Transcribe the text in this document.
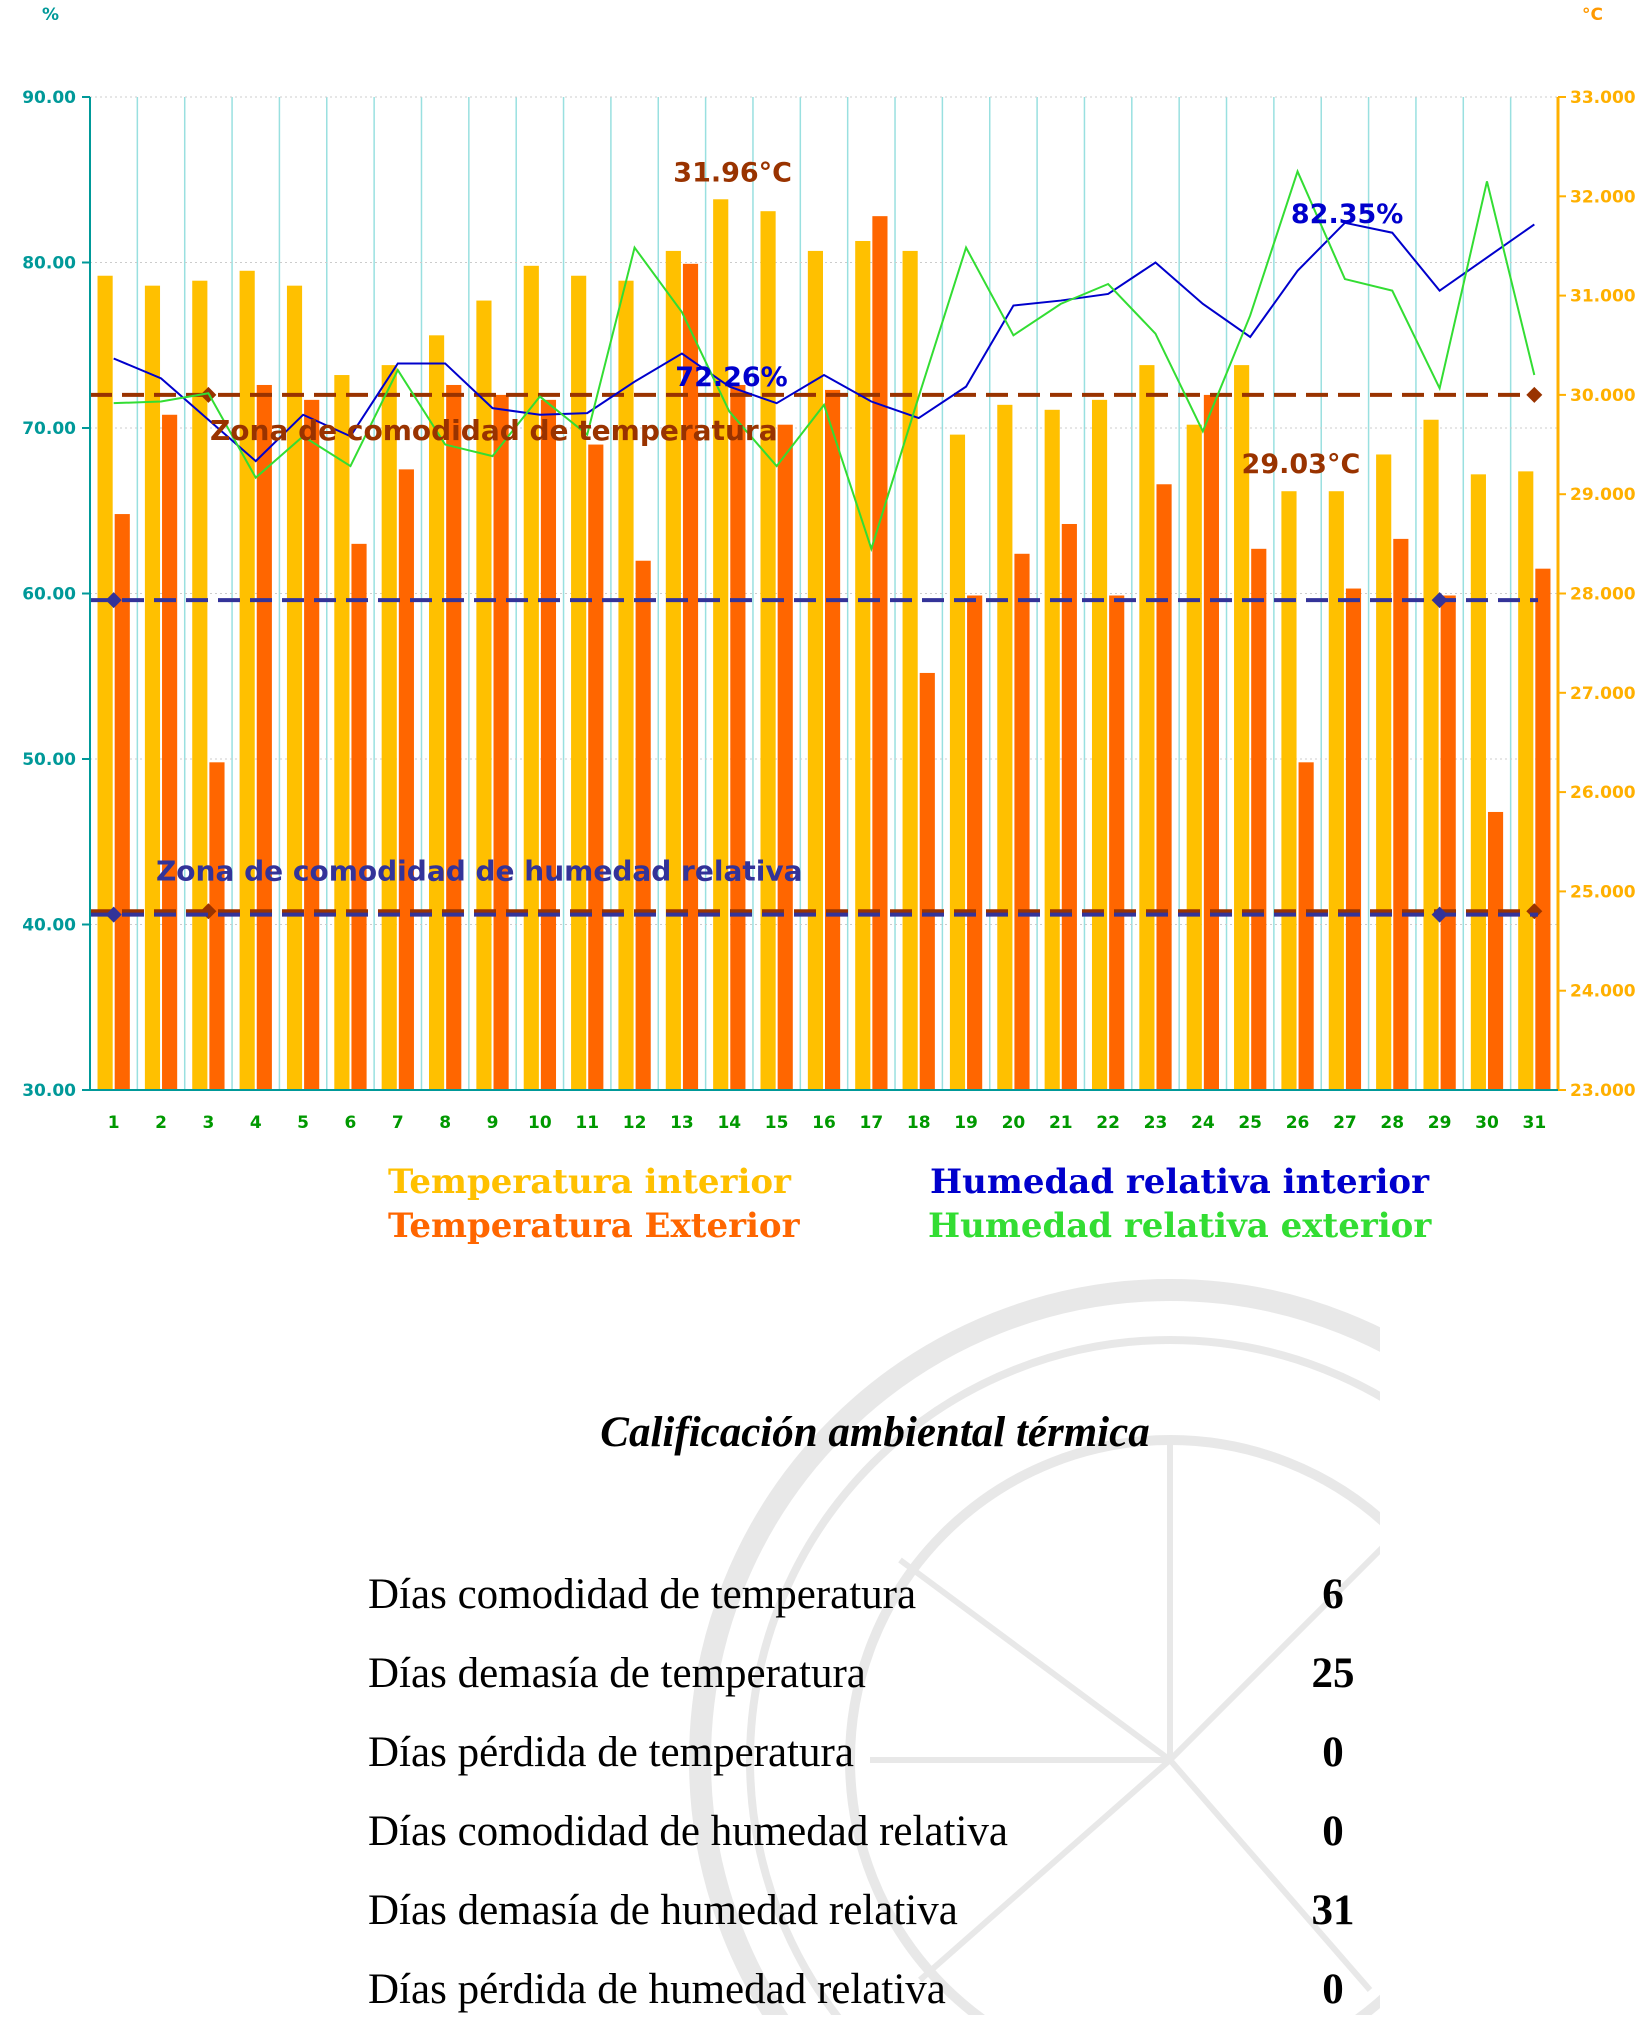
90.00
80.00
70.00
60.00
50.00
40.00
30.00
33.000
32.000
31.000
30.000
29.000
28.000
27.000
26.000
25.000
24.000
23.000
1 2 3 4 5 6 7 8 9 10 11 12 13 14 15 16 17 18 19 20 21 22 23 24 25 26 27 28 29 30 31
Zona de comodidad de temperatura
Zona de comodidad de humedad relativa
31.96°C
29.03°C
72.26%
82.35%
%	°C
Temperatura interior
Temperatura Exterior
Humedad relativa interior
Humedad relativa exterior
Calificación ambiental térmica
Días comodidad de temperatura	6
Días demasía de temperatura	25
Días pérdida de temperatura	0
Días comodidad de humedad relativa	0
Días demasía de humedad relativa	31
Días pérdida de humedad relativa	0
